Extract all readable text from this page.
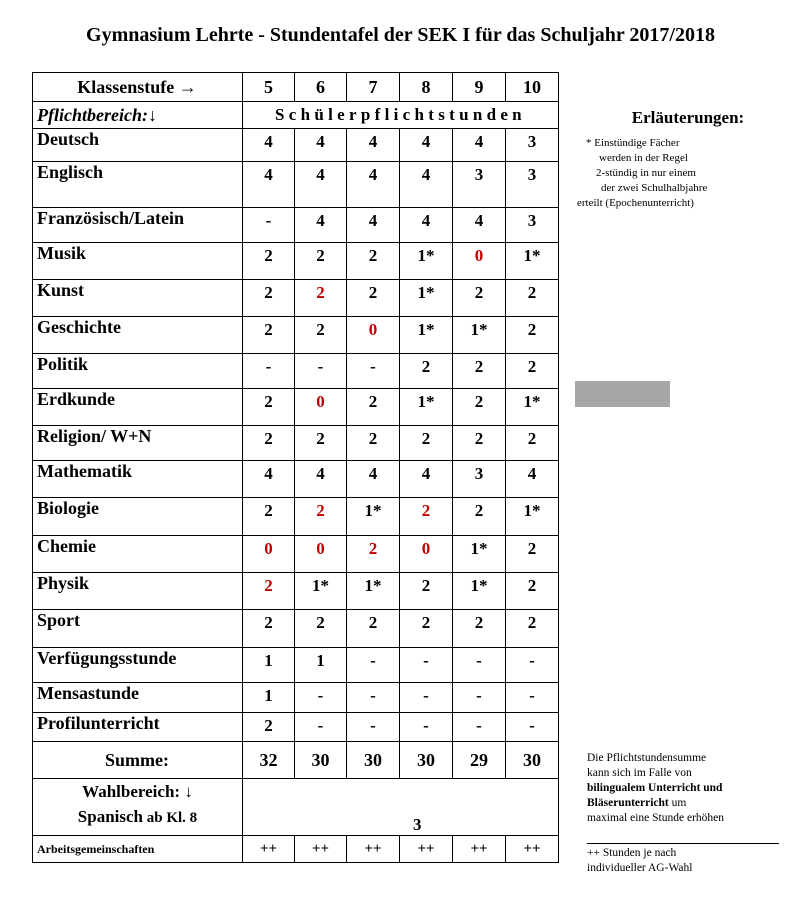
Gymnasium Lehrte - Stundentafel der SEK I für das Schuljahr 2017/2018
Klassenstufe →	5	6	7	8	9	10
Pflichtbereich:↓	Schülerpflichtstunden					
Deutsch	4	4	4	4	4	3
Englisch	4	4	4	4	3	3
Französisch/Latein	-	4	4	4	4	3
Musik	2	2	2	1*	0	1*
Kunst	2	2	2	1*	2	2
Geschichte	2	2	0	1*	1*	2
Politik	-	-	-	2	2	2
Erdkunde	2	0	2	1*	2	1*
Religion/ W+N	2	2	2	2	2	2
Mathematik	4	4	4	4	3	4
Biologie	2	2	1*	2	2	1*
Chemie	0	0	2	0	1*	2
Physik	2	1*	1*	2	1*	2
Sport	2	2	2	2	2	2
Verfügungsstunde	1	1	-	-	-	-
Mensastunde	1	-	-	-	-	-
Profilunterricht	2	-	-	-	-	-
Summe:	32	30	30	30	29	30
Wahlbereich: ↓
Spanisch ab Kl. 8	3					
Arbeitsgemeinschaften	++	++	++	++	++	++
Erläuterungen:
* Einstündige Fächer
werden in der Regel
2-stündig in nur einem
der zwei Schulhalbjahre
erteilt (Epochenunterricht)
Die Pflichtstundensumme
kann sich im Falle von
bilingualem Unterricht und
Bläserunterricht um
maximal eine Stunde erhöhen
++ Stunden je nach
individueller AG-Wahl
